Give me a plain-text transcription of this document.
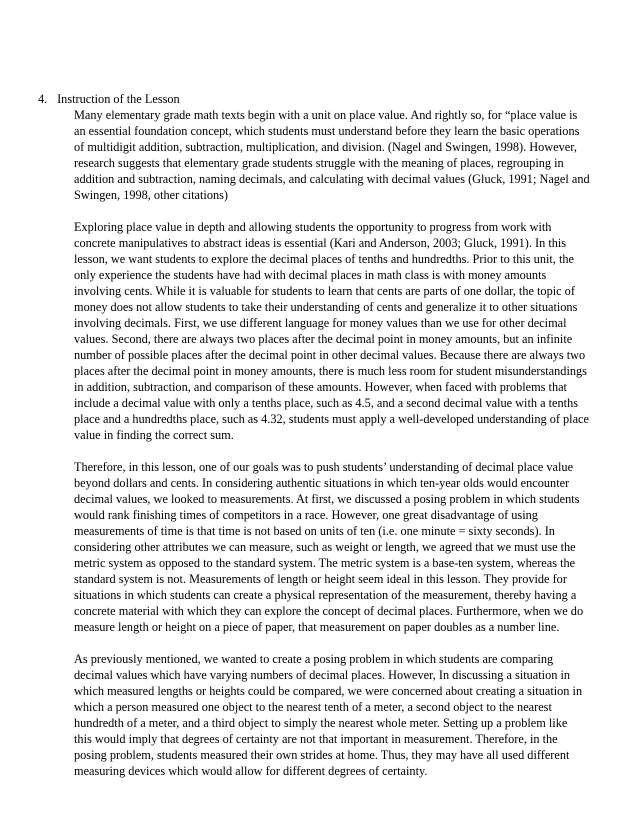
4. Instruction of the Lesson
Many elementary grade math texts begin with a unit on place value. And rightly so, for “place value is
an essential foundation concept, which students must understand before they learn the basic operations
of multidigit addition, subtraction, multiplication, and division. (Nagel and Swingen, 1998). However,
research suggests that elementary grade students struggle with the meaning of places, regrouping in
addition and subtraction, naming decimals, and calculating with decimal values (Gluck, 1991; Nagel and
Swingen, 1998, other citations)
Exploring place value in depth and allowing students the opportunity to progress from work with
concrete manipulatives to abstract ideas is essential (Kari and Anderson, 2003; Gluck, 1991). In this
lesson, we want students to explore the decimal places of tenths and hundredths. Prior to this unit, the
only experience the students have had with decimal places in math class is with money amounts
involving cents. While it is valuable for students to learn that cents are parts of one dollar, the topic of
money does not allow students to take their understanding of cents and generalize it to other situations
involving decimals. First, we use different language for money values than we use for other decimal
values. Second, there are always two places after the decimal point in money amounts, but an infinite
number of possible places after the decimal point in other decimal values. Because there are always two
places after the decimal point in money amounts, there is much less room for student misunderstandings
in addition, subtraction, and comparison of these amounts. However, when faced with problems that
include a decimal value with only a tenths place, such as 4.5, and a second decimal value with a tenths
place and a hundredths place, such as 4.32, students must apply a well-developed understanding of place
value in finding the correct sum.
Therefore, in this lesson, one of our goals was to push students’ understanding of decimal place value
beyond dollars and cents. In considering authentic situations in which ten-year olds would encounter
decimal values, we looked to measurements. At first, we discussed a posing problem in which students
would rank finishing times of competitors in a race. However, one great disadvantage of using
measurements of time is that time is not based on units of ten (i.e. one minute = sixty seconds). In
considering other attributes we can measure, such as weight or length, we agreed that we must use the
metric system as opposed to the standard system. The metric system is a base-ten system, whereas the
standard system is not. Measurements of length or height seem ideal in this lesson. They provide for
situations in which students can create a physical representation of the measurement, thereby having a
concrete material with which they can explore the concept of decimal places. Furthermore, when we do
measure length or height on a piece of paper, that measurement on paper doubles as a number line.
As previously mentioned, we wanted to create a posing problem in which students are comparing
decimal values which have varying numbers of decimal places. However, In discussing a situation in
which measured lengths or heights could be compared, we were concerned about creating a situation in
which a person measured one object to the nearest tenth of a meter, a second object to the nearest
hundredth of a meter, and a third object to simply the nearest whole meter. Setting up a problem like
this would imply that degrees of certainty are not that important in measurement. Therefore, in the
posing problem, students measured their own strides at home. Thus, they may have all used different
measuring devices which would allow for different degrees of certainty.
